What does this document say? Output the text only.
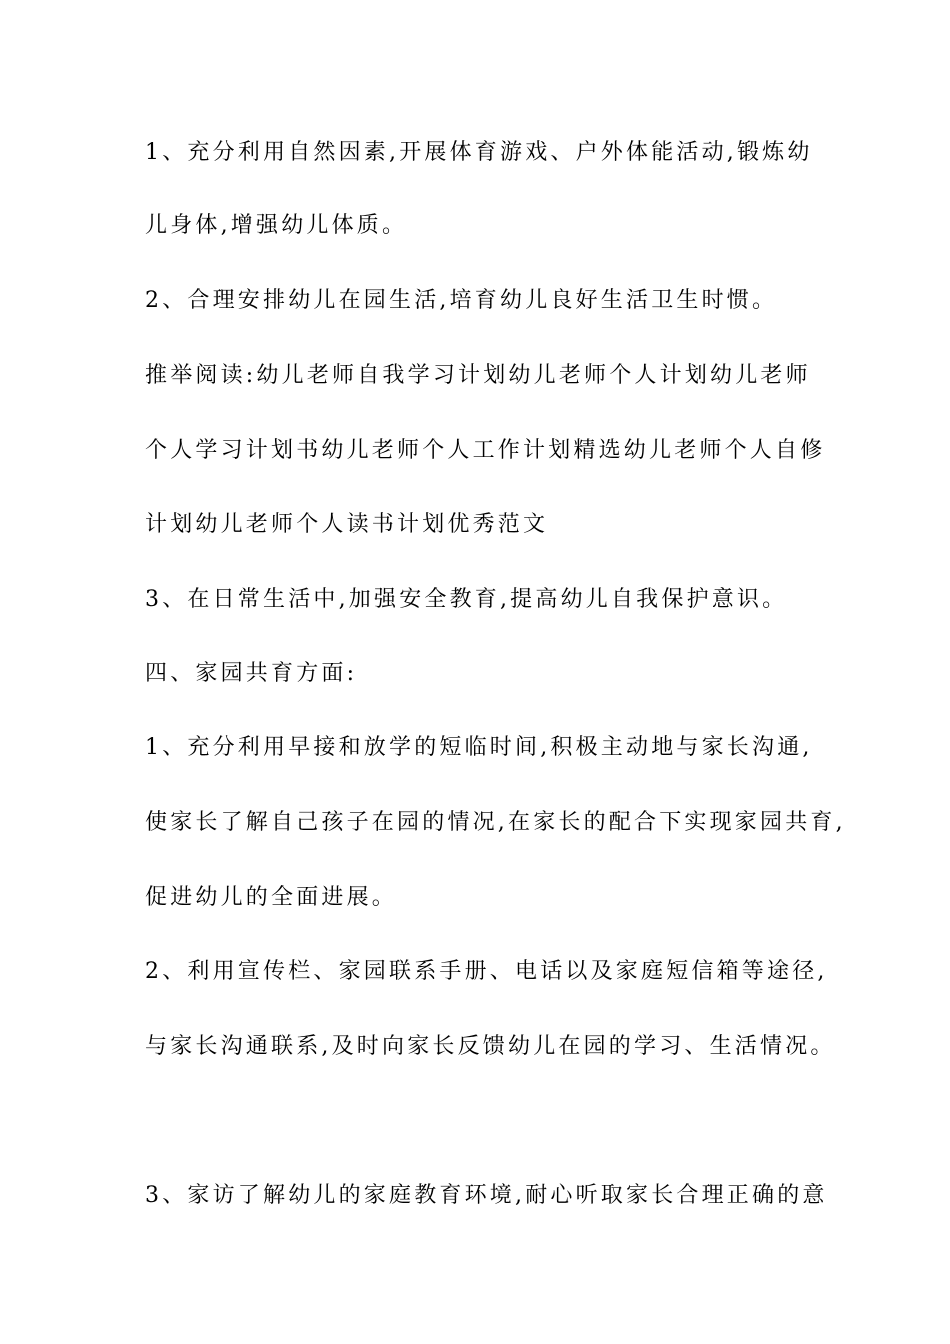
1、充分利用自然因素,开展体育游戏、户外体能活动,锻炼幼
儿身体,增强幼儿体质。
2、合理安排幼儿在园生活,培育幼儿良好生活卫生时惯。
推举阅读:幼儿老师自我学习计划幼儿老师个人计划幼儿老师
个人学习计划书幼儿老师个人工作计划精选幼儿老师个人自修
计划幼儿老师个人读书计划优秀范文
3、在日常生活中,加强安全教育,提高幼儿自我保护意识。
四、家园共育方面:
1、充分利用早接和放学的短临时间,积极主动地与家长沟通,
使家长了解自己孩子在园的情况,在家长的配合下实现家园共育,
促进幼儿的全面进展。
2、利用宣传栏、家园联系手册、电话以及家庭短信箱等途径,
与家长沟通联系,及时向家长反馈幼儿在园的学习、生活情况。
3、家访了解幼儿的家庭教育环境,耐心听取家长合理正确的意
